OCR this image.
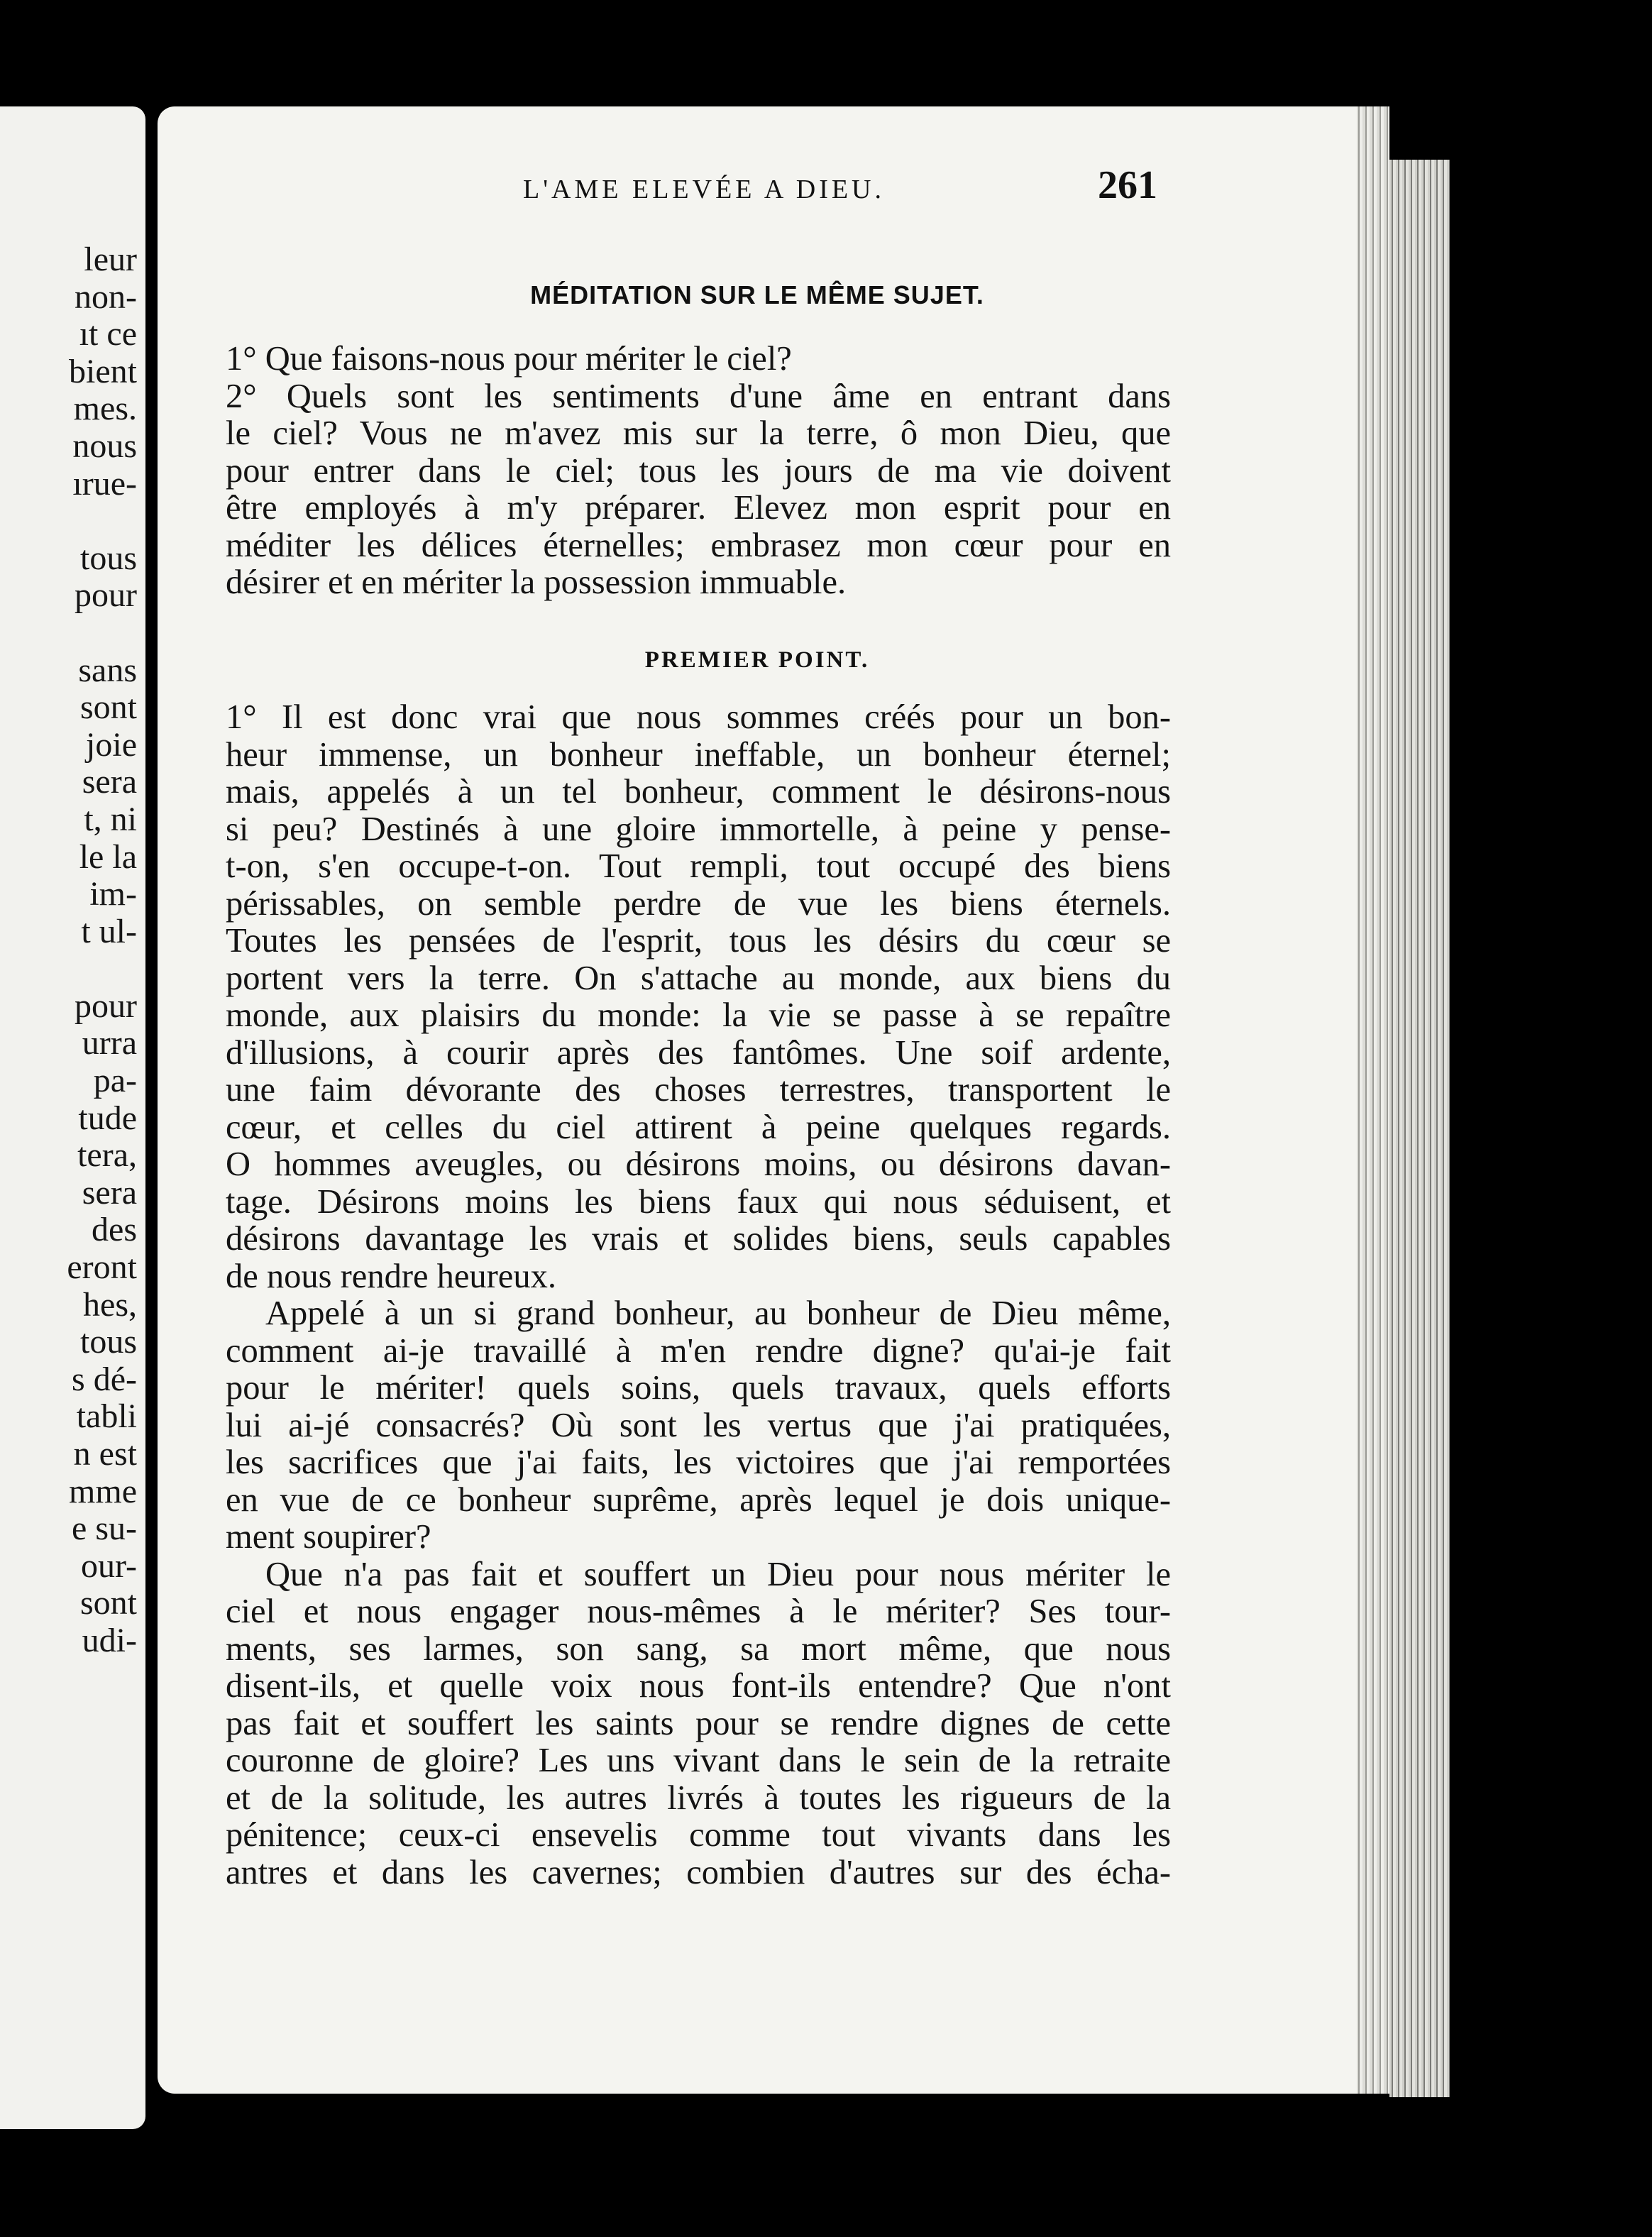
leur
non-
ıt ce
bient
mes.
nous
ırue-

tous
pour

sans
sont
joie
sera
t, ni
le la
im-
t ul-

pour
urra
pa-
tude
tera,
sera
des
eront
hes,
tous
s dé-
tabli
n est
mme
e su-
our-
sont
udi-
L'AME ELEVÉE A DIEU.	261
MÉDITATION SUR LE MÊME SUJET.
1° Que faisons-nous pour mériter le ciel?
2° Quels sont les sentiments d'une âme en entrant dans
le ciel? Vous ne m'avez mis sur la terre, ô mon Dieu, que
pour entrer dans le ciel; tous les jours de ma vie doivent
être employés à m'y préparer. Elevez mon esprit pour en
méditer les délices éternelles; embrasez mon cœur pour en
désirer et en mériter la possession immuable.
PREMIER POINT.
1° Il est donc vrai que nous sommes créés pour un bon-
heur immense, un bonheur ineffable, un bonheur éternel;
mais, appelés à un tel bonheur, comment le désirons-nous
si peu? Destinés à une gloire immortelle, à peine y pense-
t-on, s'en occupe-t-on. Tout rempli, tout occupé des biens
périssables, on semble perdre de vue les biens éternels.
Toutes les pensées de l'esprit, tous les désirs du cœur se
portent vers la terre. On s'attache au monde, aux biens du
monde, aux plaisirs du monde: la vie se passe à se repaître
d'illusions, à courir après des fantômes. Une soif ardente,
une faim dévorante des choses terrestres, transportent le
cœur, et celles du ciel attirent à peine quelques regards.
O hommes aveugles, ou désirons moins, ou désirons davan-
tage. Désirons moins les biens faux qui nous séduisent, et
désirons davantage les vrais et solides biens, seuls capables
de nous rendre heureux.
Appelé à un si grand bonheur, au bonheur de Dieu même,
comment ai-je travaillé à m'en rendre digne? qu'ai-je fait
pour le mériter! quels soins, quels travaux, quels efforts
lui ai-jé consacrés? Où sont les vertus que j'ai pratiquées,
les sacrifices que j'ai faits, les victoires que j'ai remportées
en vue de ce bonheur suprême, après lequel je dois unique-
ment soupirer?
Que n'a pas fait et souffert un Dieu pour nous mériter le
ciel et nous engager nous-mêmes à le mériter? Ses tour-
ments, ses larmes, son sang, sa mort même, que nous
disent-ils, et quelle voix nous font-ils entendre? Que n'ont
pas fait et souffert les saints pour se rendre dignes de cette
couronne de gloire? Les uns vivant dans le sein de la retraite
et de la solitude, les autres livrés à toutes les rigueurs de la
pénitence; ceux-ci ensevelis comme tout vivants dans les
antres et dans les cavernes; combien d'autres sur des écha-
